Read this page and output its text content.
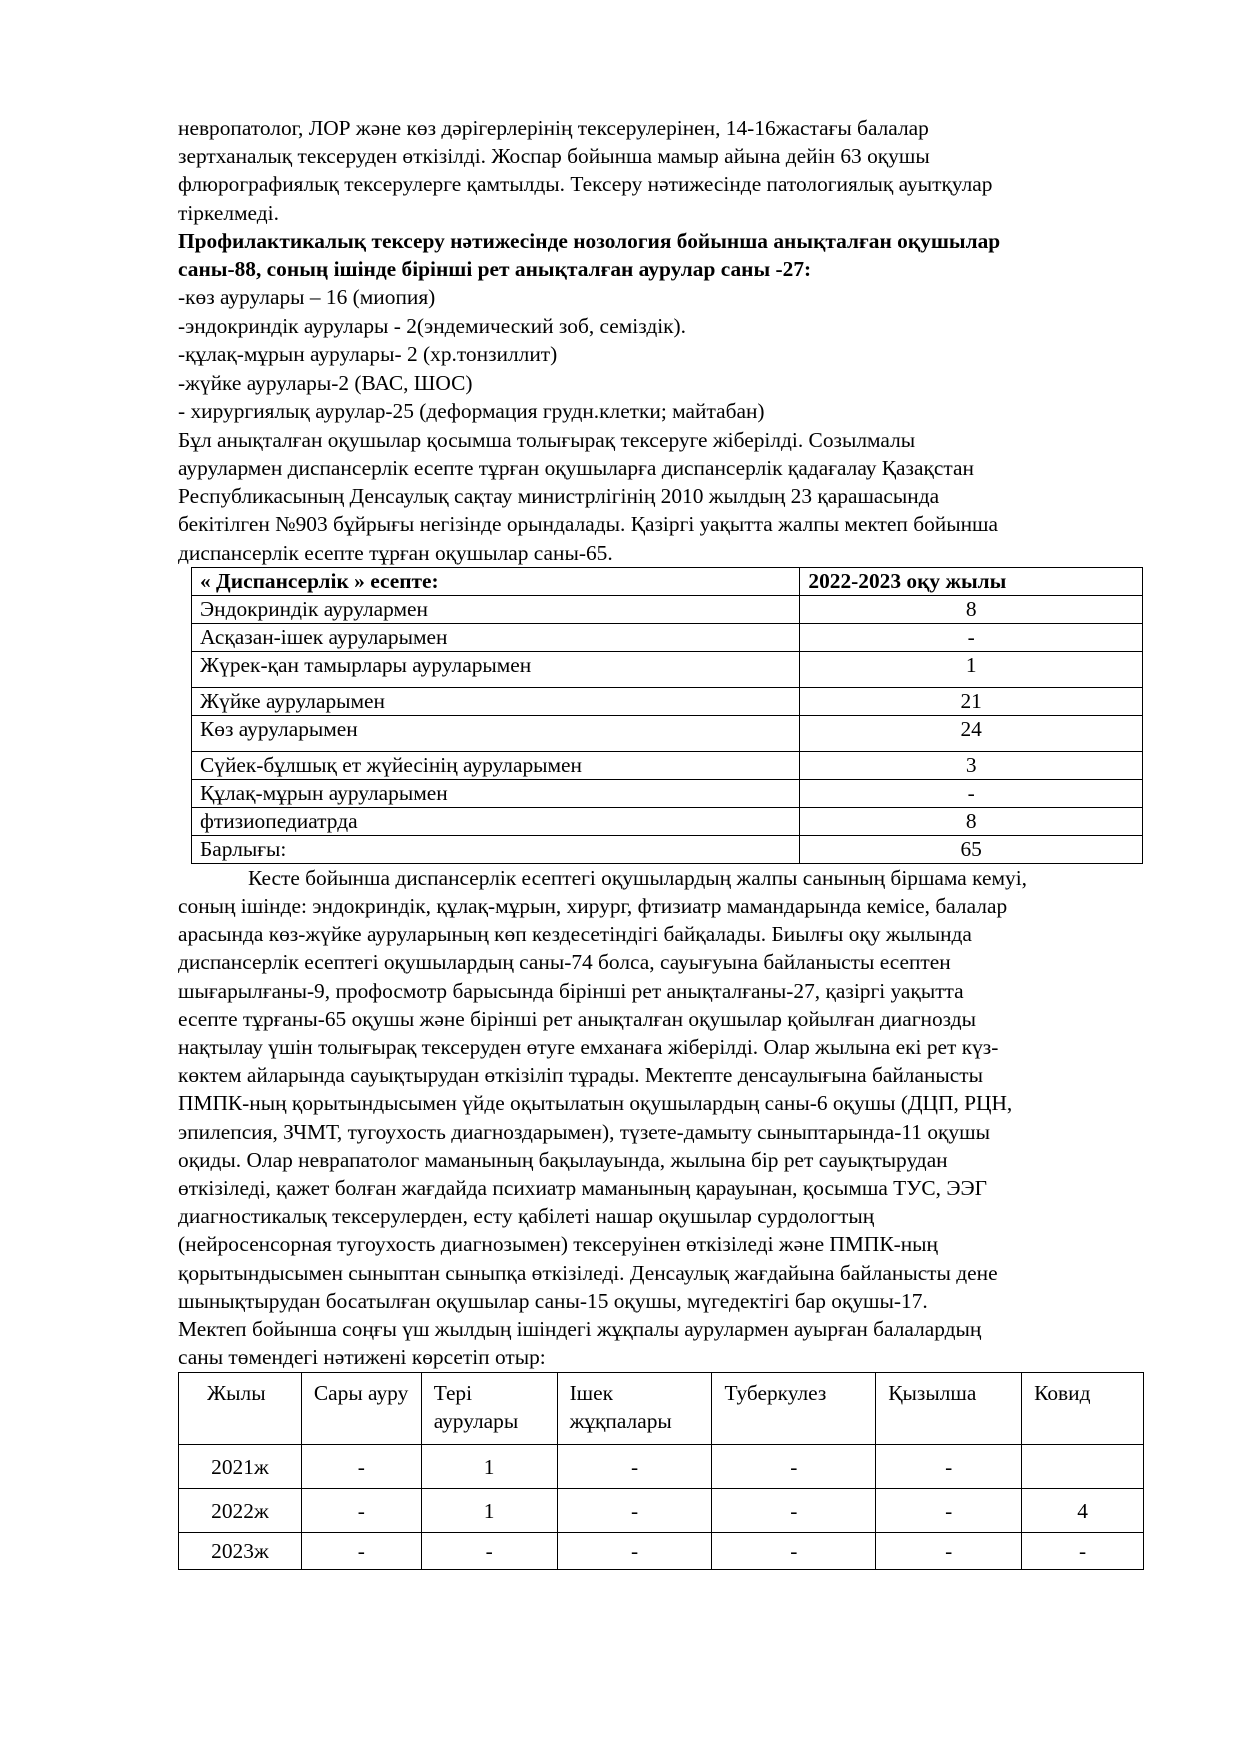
невропатолог, ЛОР және көз дәрігерлерінің тексерулерінен, 14-16жастағы балалар

зертханалық тексеруден өткізілді. Жоспар бойынша мамыр айына дейін 63 оқушы

флюрографиялық тексерулерге қамтылды. Тексеру нәтижесінде патологиялық ауытқулар

тіркелмеді.

Профилактикалық тексеру нәтижесінде нозология бойынша анықталған оқушылар

саны-88, соның ішінде бірінші рет анықталған аурулар саны -27:

-көз аурулары – 16 (миопия)

-эндокриндік аурулары - 2(эндемический зоб, семіздік).

-құлақ-мұрын аурулары- 2 (хр.тонзиллит)

-жүйке аурулары-2 (ВАС, ШОС)

- хирургиялық аурулар-25 (деформация грудн.клетки; майтабан)

Бұл анықталған оқушылар қосымша толығырақ тексеруге жіберілді. Созылмалы

аурулармен диспансерлік есепте тұрған оқушыларға диспансерлік қадағалау Қазақстан

Республикасының Денсаулық сақтау министрлігінің 2010 жылдың 23 қарашасында

бекітілген №903 бұйрығы негізінде орындалады. Қазіргі уақытта жалпы мектеп бойынша

диспансерлік есепте тұрған оқушылар саны-65.

« Диспансерлік » есепте:	2022-2023 оқу жылы
Эндокриндік аурулармен	8
Асқазан-ішек ауруларымен	-
Жүрек-қан тамырлары ауруларымен	1
Жүйке ауруларымен	21
Көз ауруларымен	24
Сүйек-бұлшық ет жүйесінің ауруларымен	3
Құлақ-мұрын ауруларымен	-
фтизиопедиатрда	8
Барлығы:	65

Кесте бойынша диспансерлік есептегі оқушылардың жалпы санының біршама кемуі,

соның ішінде: эндокриндік, құлақ-мұрын, хирург, фтизиатр мамандарында кемісе, балалар

арасында көз-жүйке ауруларының көп кездесетіндігі байқалады. Биылғы оқу жылында

диспансерлік есептегі оқушылардың саны-74 болса, сауығуына байланысты есептен

шығарылғаны-9, профосмотр барысында бірінші рет анықталғаны-27, қазіргі уақытта

есепте тұрғаны-65 оқушы және бірінші рет анықталған оқушылар қойылған диагнозды

нақтылау үшін толығырақ тексеруден өтуге емханаға жіберілді. Олар жылына екі рет күз-

көктем айларында сауықтырудан өткізіліп тұрады. Мектепте денсаулығына байланысты

ПМПК-ның қорытындысымен үйде оқытылатын оқушылардың саны-6 оқушы (ДЦП, РЦН,

эпилепсия, ЗЧМТ, тугоухость диагноздарымен), түзете-дамыту сыныптарында-11 оқушы

оқиды. Олар неврапатолог маманының бақылауында, жылына бір рет сауықтырудан

өткізіледі, қажет болған жағдайда психиатр маманының қарауынан, қосымша ТУС, ЭЭГ

диагностикалық тексерулерден, есту қабілеті нашар оқушылар сурдологтың

(нейросенсорная тугоухость диагнозымен) тексеруінен өткізіледі және ПМПК-ның

қорытындысымен сыныптан сыныпқа өткізіледі. Денсаулық жағдайына байланысты дене

шынықтырудан босатылған оқушылар саны-15 оқушы, мүгедектігі бар оқушы-17.

Мектеп бойынша соңғы үш жылдың ішіндегі жұқпалы аурулармен ауырған балалардың

саны төмендегі нәтижені көрсетіп отыр:

Жылы	Сары ауру	Тері аурулары	Ішек жұқпалары	Туберкулез	Қызылша	Ковид
2021ж	-	1	-	-	-	
2022ж	-	1	-	-	-	4
2023ж	-	-	-	-	-	-
